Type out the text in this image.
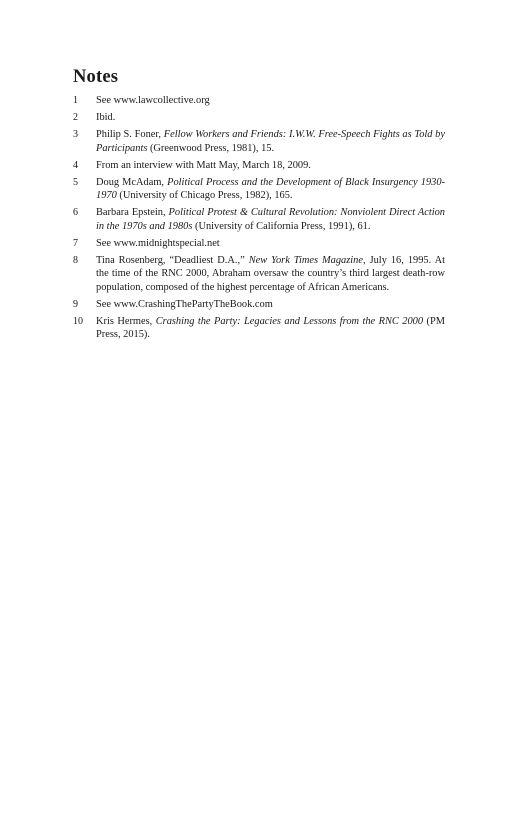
Notes
1 See www.lawcollective.org
2 Ibid.
3 Philip S. Foner, Fellow Workers and Friends: I.W.W. Free-Speech Fights as Told by Participants (Greenwood Press, 1981), 15.
4 From an interview with Matt May, March 18, 2009.
5 Doug McAdam, Political Process and the Development of Black Insurgency 1930-1970 (University of Chicago Press, 1982), 165.
6 Barbara Epstein, Political Protest & Cultural Revolution: Nonviolent Direct Action in the 1970s and 1980s (University of California Press, 1991), 61.
7 See www.midnightspecial.net
8 Tina Rosenberg, “Deadliest D.A.,” New York Times Magazine, July 16, 1995. At the time of the RNC 2000, Abraham oversaw the country’s third largest death-row population, composed of the highest percentage of African Americans.
9 See www.CrashingThePartyTheBook.com
10 Kris Hermes, Crashing the Party: Legacies and Lessons from the RNC 2000 (PM Press, 2015).
